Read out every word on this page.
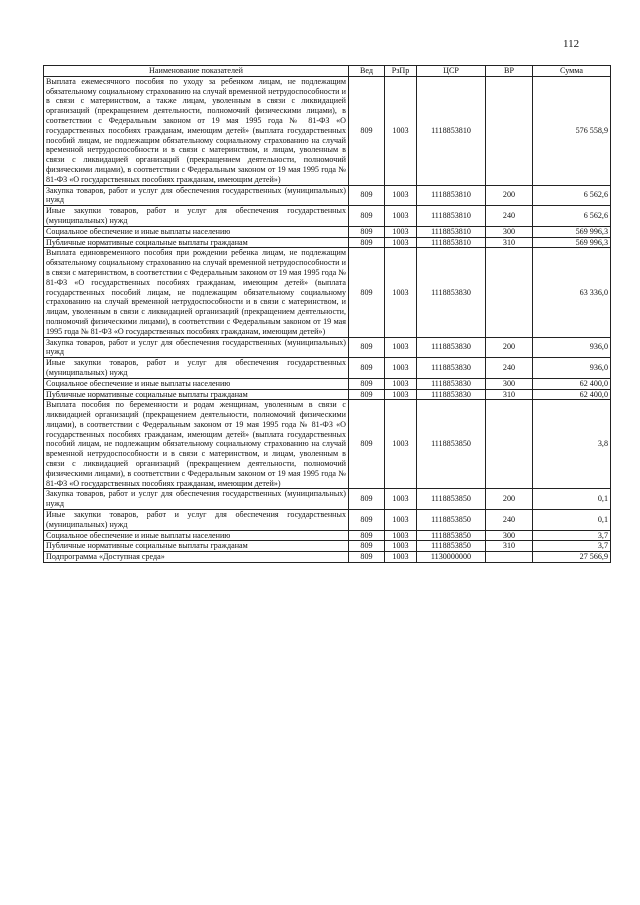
112
Наименование показателей	Вед	РзПр	ЦСР	ВР	Сумма
Выплата ежемесячного пособия по уходу за ребенком лицам, не подлежащим обязательному социальному страхованию на случай временной нетрудоспособности и в связи с материнством, а также лицам, уволенным в связи с ликвидацией организаций (прекращением деятельности, полномочий физическими лицами), в соответствии с Федеральным законом от 19 мая 1995 года № 81-ФЗ «О государственных пособиях гражданам, имеющим детей» (выплата государственных пособий лицам, не подлежащим обязательному социальному страхованию на случай временной нетрудоспособности и в связи с материнством, и лицам, уволенным в связи с ликвидацией организаций (прекращением деятельности, полномочий физическими лицами), в соответствии с Федеральным законом от 19 мая 1995 года № 81-ФЗ «О государственных пособиях гражданам, имеющим детей»)	809	1003	1118853810		576 558,9
Закупка товаров, работ и услуг для обеспечения государственных (муниципальных) нужд	809	1003	1118853810	200	6 562,6
Иные закупки товаров, работ и услуг для обеспечения государственных (муниципальных) нужд	809	1003	1118853810	240	6 562,6
Социальное обеспечение и иные выплаты населению	809	1003	1118853810	300	569 996,3
Публичные нормативные социальные выплаты гражданам	809	1003	1118853810	310	569 996,3
Выплата единовременного пособия при рождении ребенка лицам, не подлежащим обязательному социальному страхованию на случай временной нетрудоспособности и в связи с материнством, в соответствии с Федеральным законом от 19 мая 1995 года № 81-ФЗ «О государственных пособиях гражданам, имеющим детей» (выплата государственных пособий лицам, не подлежащим обязательному социальному страхованию на случай временной нетрудоспособности и в связи с материнством, и лицам, уволенным в связи с ликвидацией организаций (прекращением деятельности, полномочий физическими лицами), в соответствии с Федеральным законом от 19 мая 1995 года № 81-ФЗ «О государственных пособиях гражданам, имеющим детей»)	809	1003	1118853830		63 336,0
Закупка товаров, работ и услуг для обеспечения государственных (муниципальных) нужд	809	1003	1118853830	200	936,0
Иные закупки товаров, работ и услуг для обеспечения государственных (муниципальных) нужд	809	1003	1118853830	240	936,0
Социальное обеспечение и иные выплаты населению	809	1003	1118853830	300	62 400,0
Публичные нормативные социальные выплаты гражданам	809	1003	1118853830	310	62 400,0
Выплата пособия по беременности и родам женщинам, уволенным в связи с ликвидацией организаций (прекращением деятельности, полномочий физическими лицами), в соответствии с Федеральным законом от 19 мая 1995 года № 81-ФЗ «О государственных пособиях гражданам, имеющим детей» (выплата государственных пособий лицам, не подлежащим обязательному социальному страхованию на случай временной нетрудоспособности и в связи с материнством, и лицам, уволенным в связи с ликвидацией организаций (прекращением деятельности, полномочий физическими лицами), в соответствии с Федеральным законом от 19 мая 1995 года № 81-ФЗ «О государственных пособиях гражданам, имеющим детей»)	809	1003	1118853850		3,8
Закупка товаров, работ и услуг для обеспечения государственных (муниципальных) нужд	809	1003	1118853850	200	0,1
Иные закупки товаров, работ и услуг для обеспечения государственных (муниципальных) нужд	809	1003	1118853850	240	0,1
Социальное обеспечение и иные выплаты населению	809	1003	1118853850	300	3,7
Публичные нормативные социальные выплаты гражданам	809	1003	1118853850	310	3,7
Подпрограмма «Доступная среда»	809	1003	1130000000		27 566,9
